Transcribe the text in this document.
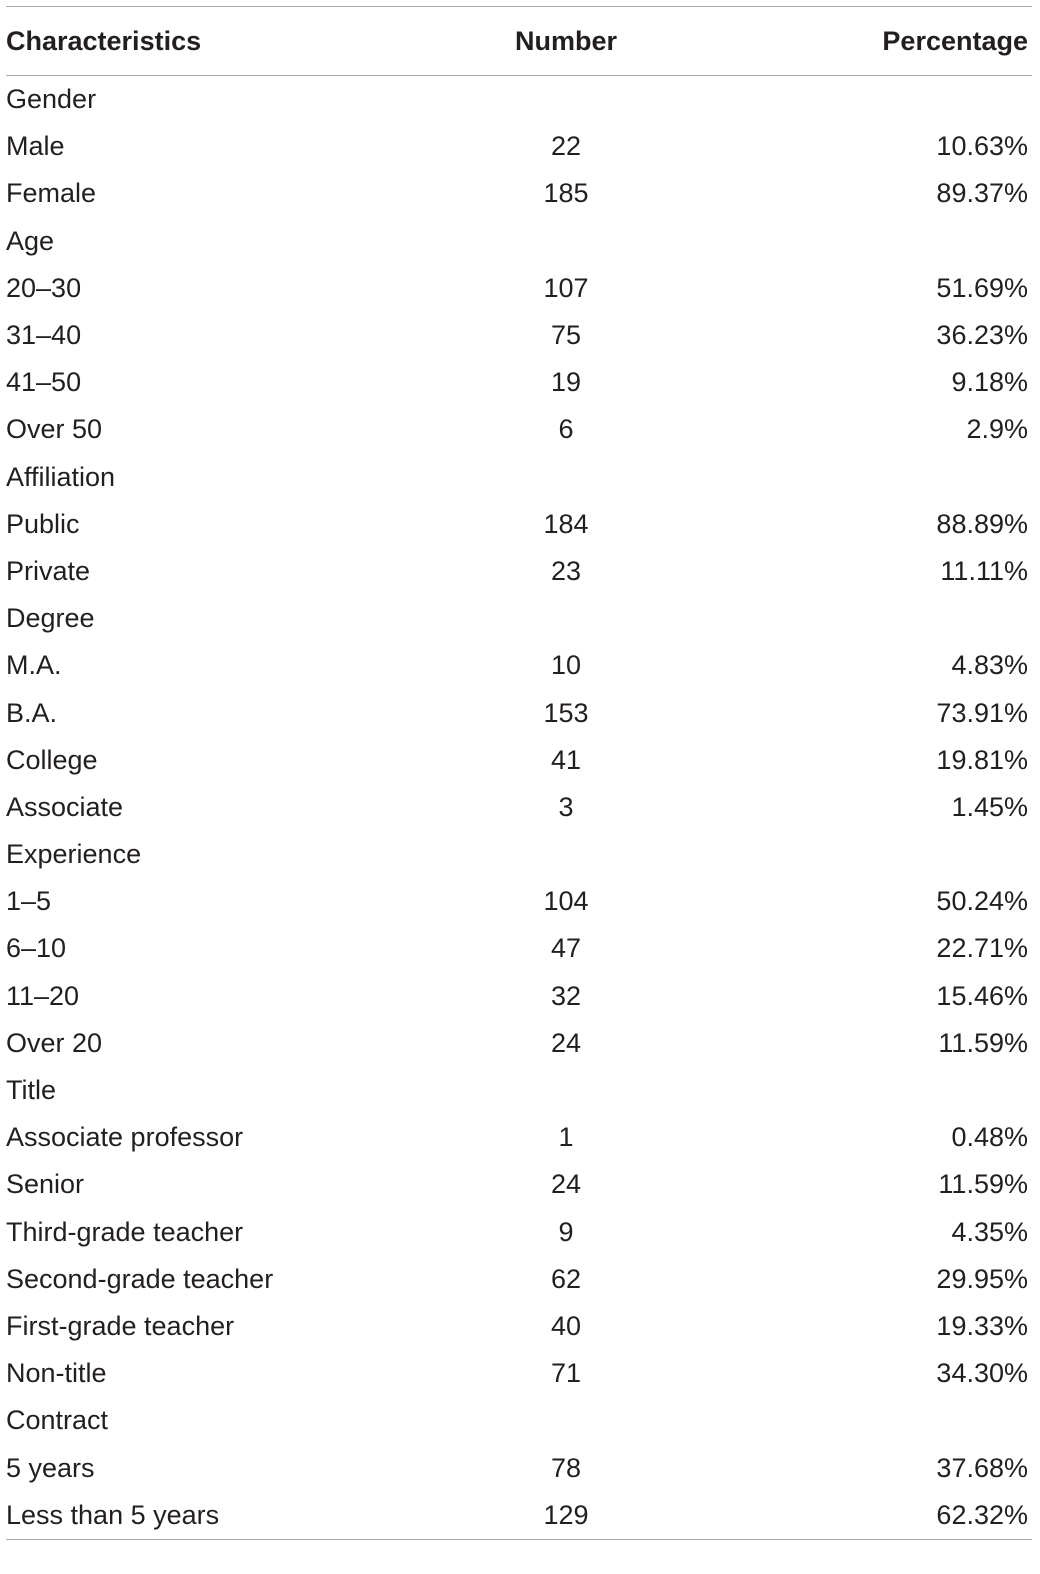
Characteristics	Number	Percentage
Gender		
Male	22	10.63%
Female	185	89.37%
Age		
20–30	107	51.69%
31–40	75	36.23%
41–50	19	9.18%
Over 50	6	2.9%
Affiliation		
Public	184	88.89%
Private	23	11.11%
Degree		
M.A.	10	4.83%
B.A.	153	73.91%
College	41	19.81%
Associate	3	1.45%
Experience		
1–5	104	50.24%
6–10	47	22.71%
11–20	32	15.46%
Over 20	24	11.59%
Title		
Associate professor	1	0.48%
Senior	24	11.59%
Third-grade teacher	9	4.35%
Second-grade teacher	62	29.95%
First-grade teacher	40	19.33%
Non-title	71	34.30%
Contract		
5 years	78	37.68%
Less than 5 years	129	62.32%
